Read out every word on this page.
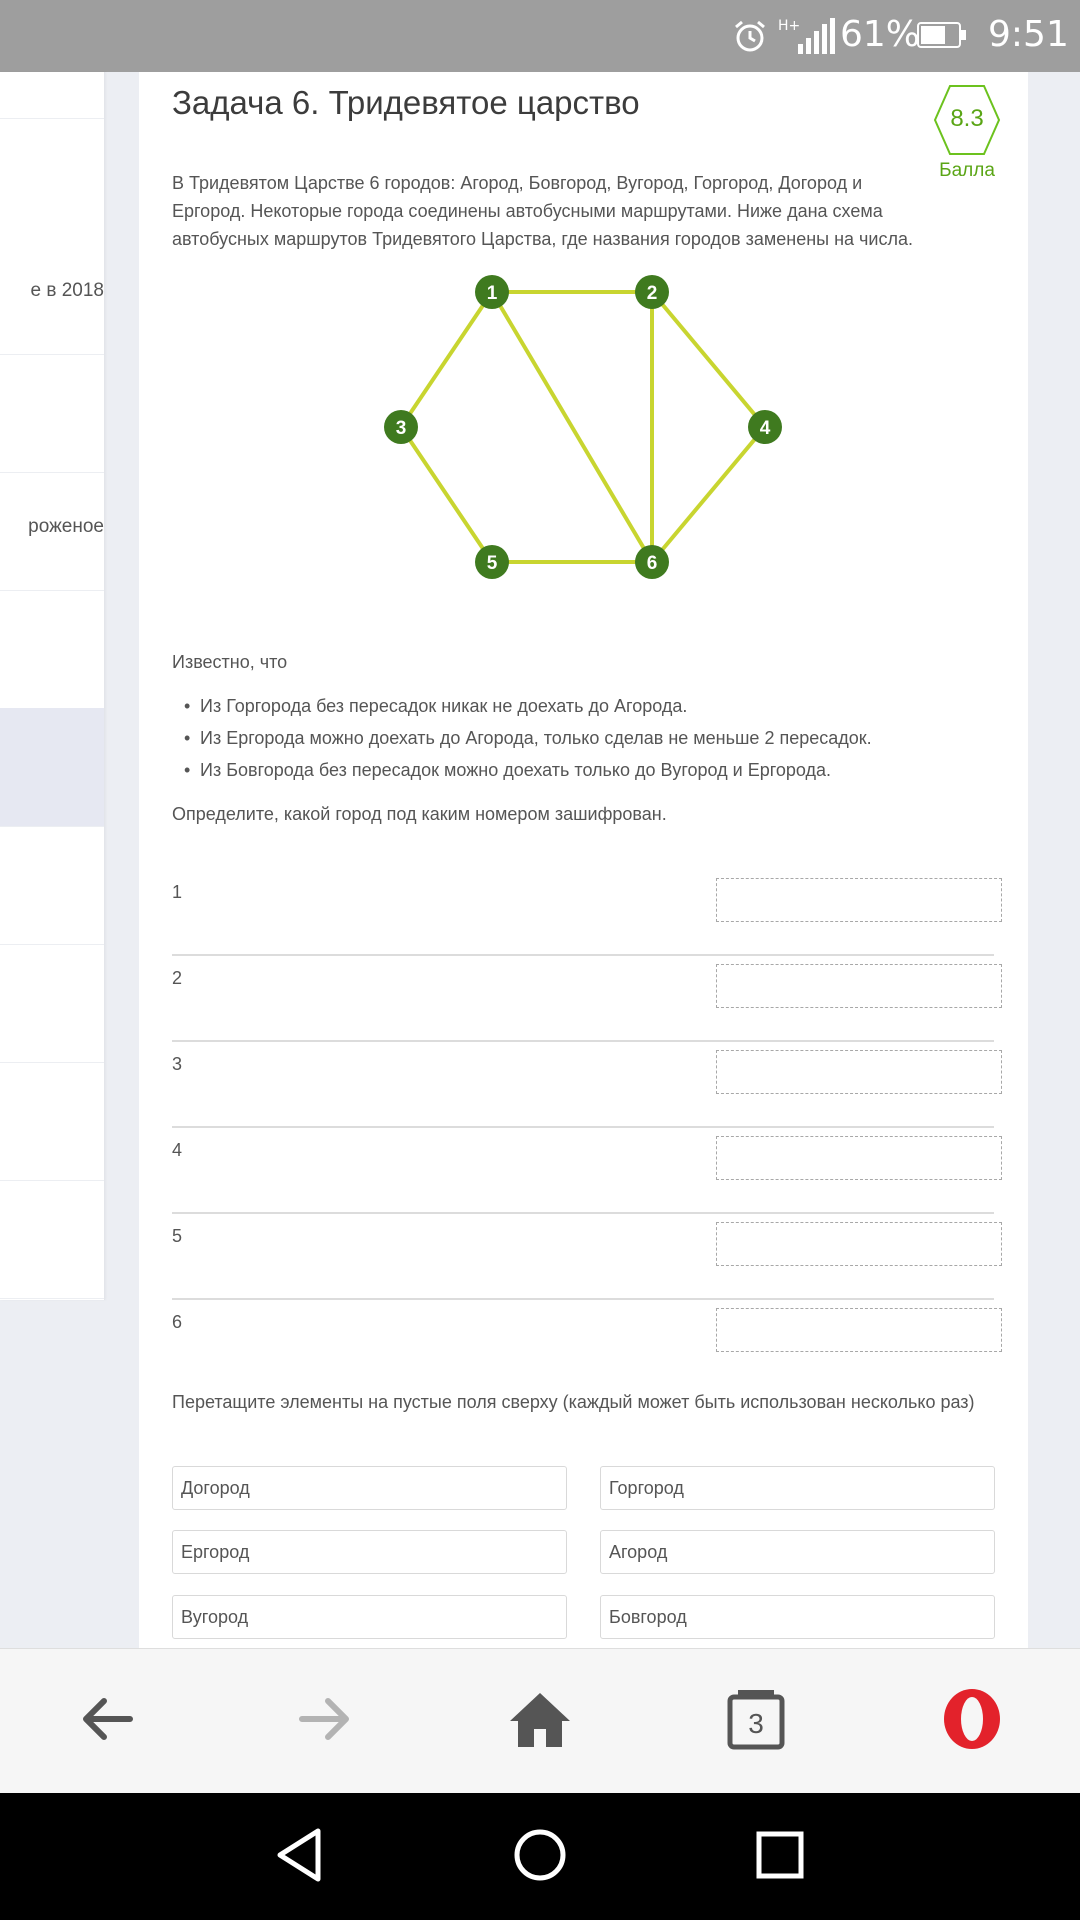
H+ 61% 9:51
е в 2018
роженое
Задача 6. Тридевятое царство	8.3
Балла

В Тридевятом Царстве 6 городов: Агород, Бовгород, Вугород, Горгород, Догород и Ергород. Некоторые города соединены автобусными маршрутами. Ниже дана схема автобусных маршрутов Тридевятого Царства, где названия городов заменены на числа.

1	2
3	4
5	6

Известно, что

• Из Горгорода без пересадок никак не доехать до Агорода.
• Из Ергорода можно доехать до Агорода, только сделав не меньше 2 пересадок.
• Из Бовгорода без пересадок можно доехать только до Вугород и Ергорода.

Определите, какой город под каким номером зашифрован.

1
2
3
4
5
6

Перетащите элементы на пустые поля сверху (каждый может быть использован несколько раз)

Догород	Горгород
Ергород	Агород
Вугород	Бовгород
3
